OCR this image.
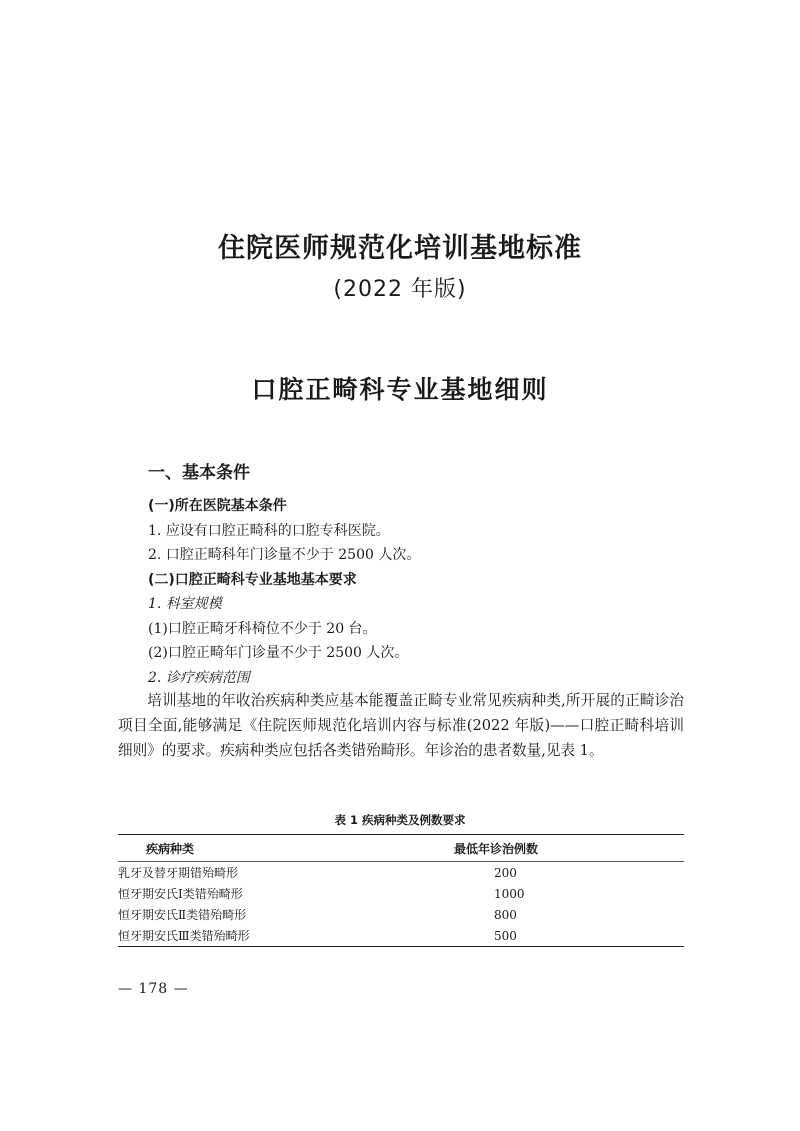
住院医师规范化培训基地标准
(2022 年版)
口腔正畸科专业基地细则
一、基本条件
(一)所在医院基本条件
1. 应设有口腔正畸科的口腔专科医院。
2. 口腔正畸科年门诊量不少于 2500 人次。
(二)口腔正畸科专业基地基本要求
1. 科室规模
(1)口腔正畸牙科椅位不少于 20 台。
(2)口腔正畸年门诊量不少于 2500 人次。
2. 诊疗疾病范围

培训基地的年收治疾病种类应基本能覆盖正畸专业常见疾病种类,所开展的正畸诊治项目全面,能够满足《住院医师规范化培训内容与标准(2022 年版)——口腔正畸科培训细则》的要求。疾病种类应包括各类错殆畸形。年诊治的患者数量,见表 1。

表 1 疾病种类及例数要求
疾病种类	最低年诊治例数
乳牙及替牙期错殆畸形	200
恒牙期安氏Ⅰ类错殆畸形	1000
恒牙期安氏Ⅱ类错殆畸形	800
恒牙期安氏Ⅲ类错殆畸形	500
— 178 —
